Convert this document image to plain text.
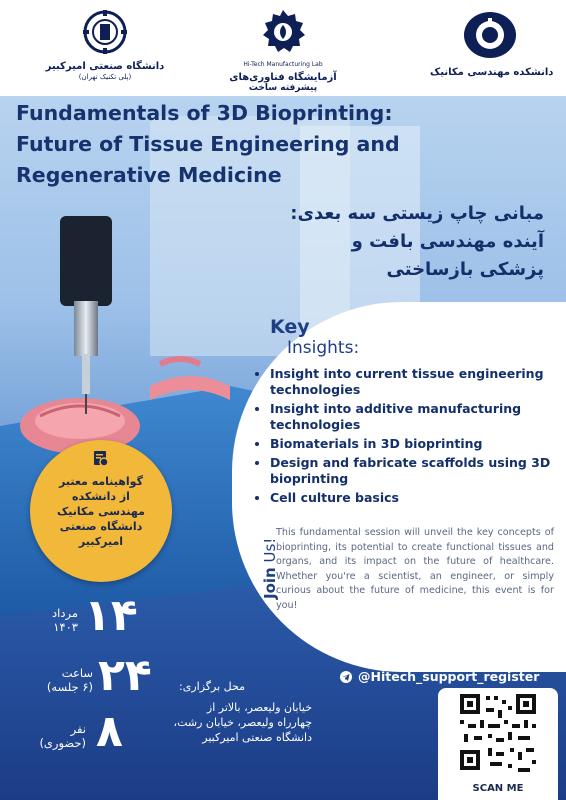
دانشگاه صنعتی امیرکبیر
(پلی تکنیک تهران)
Hi-Tech Manufacturing Lab
آزمایشگاه فناوری‌های
پیشرفته ساخت
دانشکده مهندسی مکانیک
Fundamentals of 3D Bioprinting:
Future of Tissue Engineering and
Regenerative Medicine
مبانی چاپ زیستی سه بعدی:
آینده مهندسی بافت و
پزشکی بازساختی
Key
Insights:
• Insight into current tissue engineering technologies
• Insight into additive manufacturing technologies
• Biomaterials in 3D bioprinting
• Design and fabricate scaffolds using 3D bioprinting
• Cell culture basics
Join Us!
This fundamental session will unveil the key concepts of bioprinting, its potential to create functional tissues and organs, and its impact on the future of healthcare. Whether you're a scientist, an engineer, or simply curious about the future of medicine, this event is for you!
گواهینامه معتبر
از دانشکده
مهندسی مکانیک
دانشگاه صنعتی
امیرکبیر
مرداد
۱۴۰۳ ۱۴
ساعت
(۶ جلسه) ۲۴
نفر
(حضوری) ۸
محل برگزاری:
خیابان ولیعصر، بالاتر از
چهارراه ولیعصر، خیابان رشت،
دانشگاه صنعتی امیرکبیر
جهت ثبت‌نام و کسب اطلاعات بیشتر
۰۹۹۶۵۸۷۰۰۱۲
@Hitech_support_register
SCAN ME
